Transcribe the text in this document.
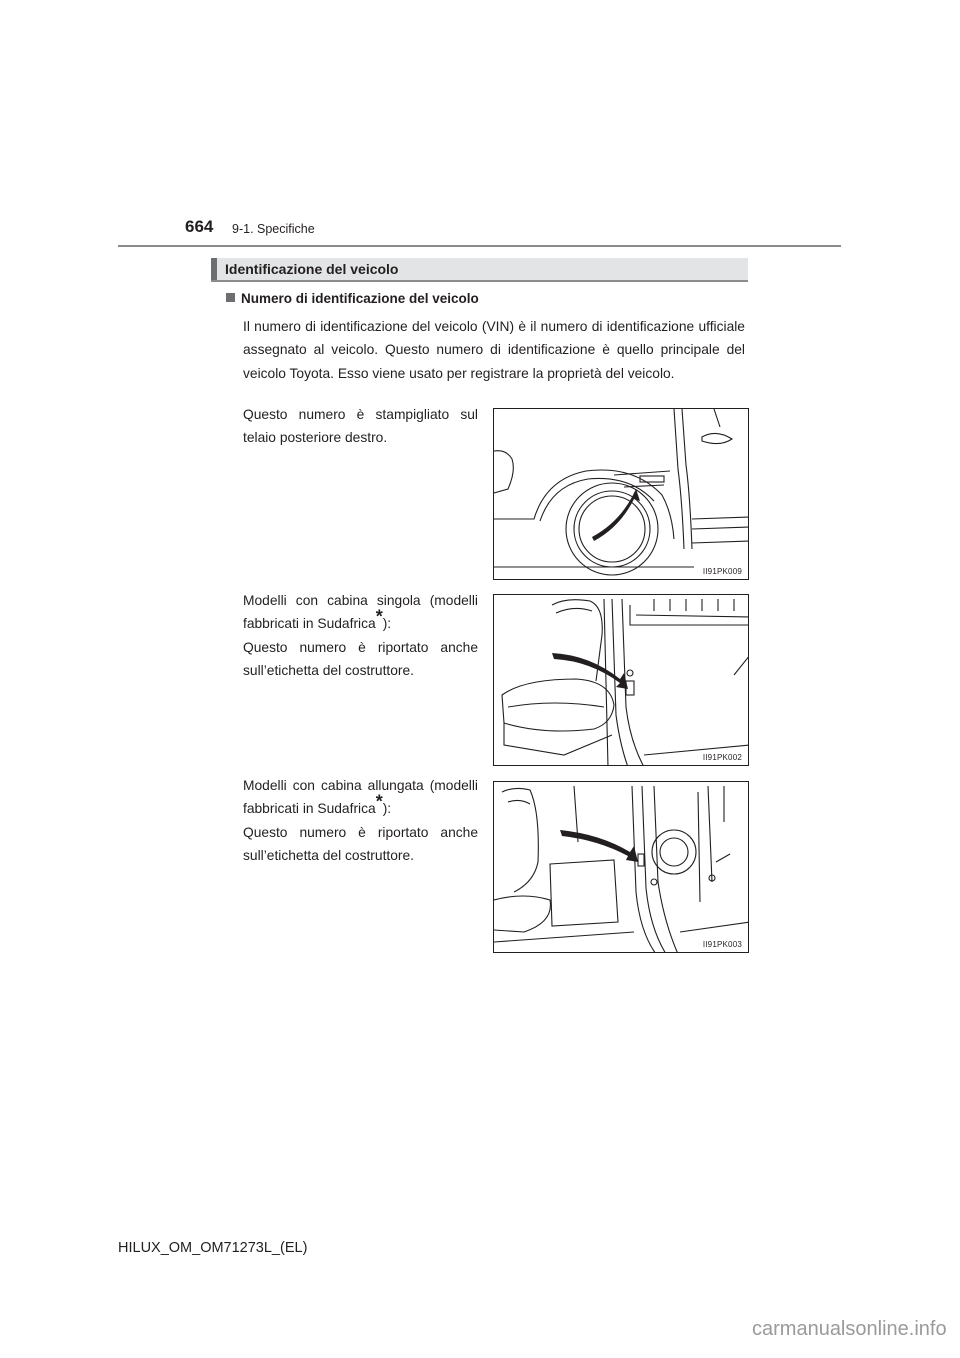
664 9-1. Specifiche
Identificazione del veicolo
Numero di identificazione del veicolo
Il numero di identificazione del veicolo (VIN) è il numero di identificazione ufficiale assegnato al veicolo. Questo numero di identificazione è quello principale del veicolo Toyota. Esso viene usato per registrare la proprietà del veicolo.

Questo numero è stampigliato sul telaio posteriore destro.

II91PK009

Modelli con cabina singola (modelli fabbricati in Sudafrica*):

Questo numero è riportato anche sull’etichetta del costruttore.

II91PK002

Modelli con cabina allungata (modelli fabbricati in Sudafrica*):

Questo numero è riportato anche sull’etichetta del costruttore.

II91PK003
HILUX_OM_OM71273L_(EL)
carmanualsonline.info
